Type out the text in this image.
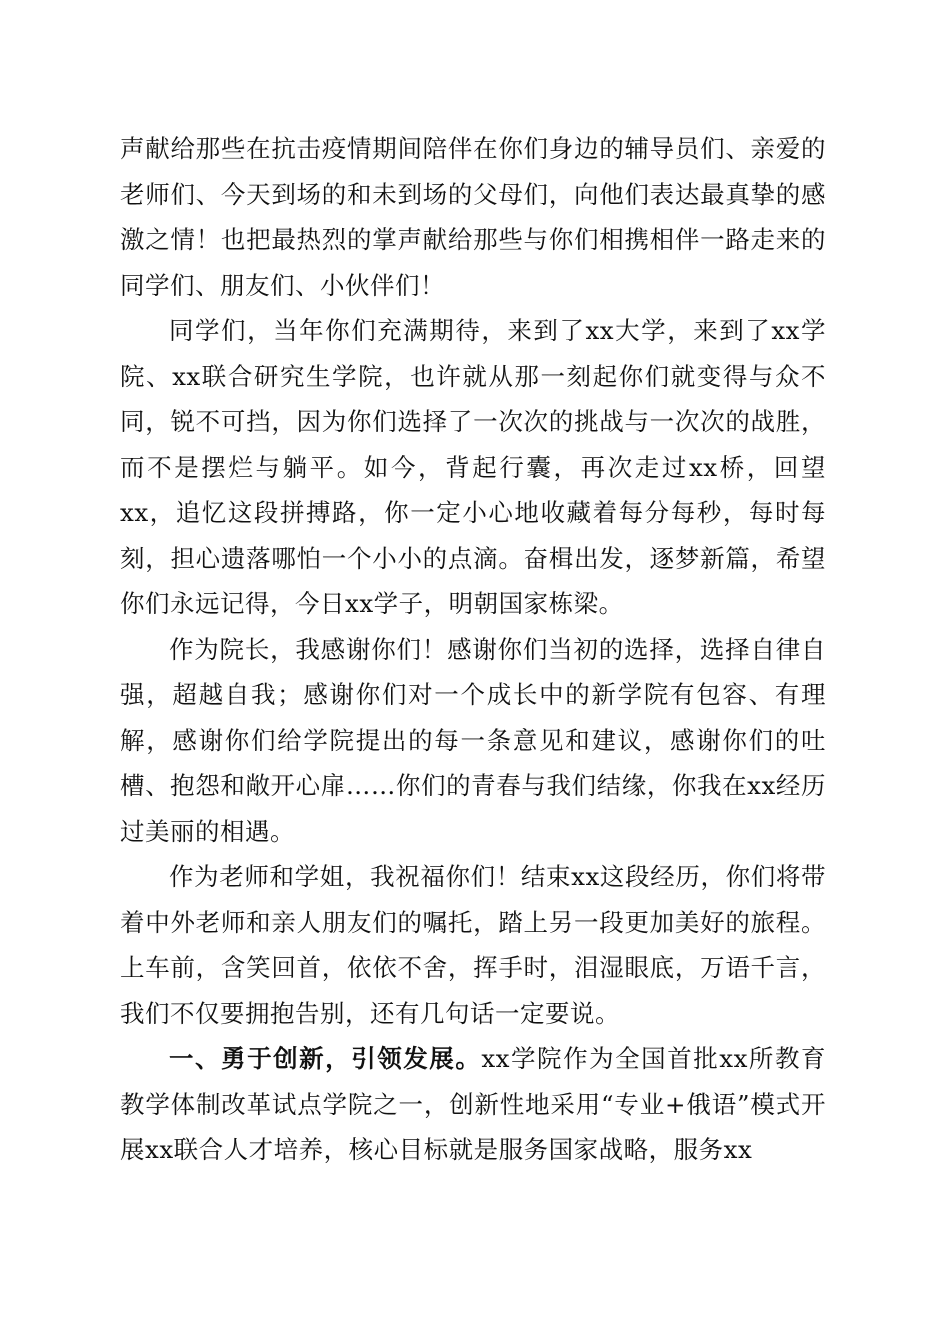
声献给那些在抗击疫情期间陪伴在你们身边的辅导员们、亲爱的老师们、今天到场的和未到场的父母们，向他们表达最真挚的感激之情！也把最热烈的掌声献给那些与你们相携相伴一路走来的同学们、朋友们、小伙伴们！

同学们，当年你们充满期待，来到了xx大学，来到了xx学院、xx联合研究生学院，也许就从那一刻起你们就变得与众不同，锐不可挡，因为你们选择了一次次的挑战与一次次的战胜，而不是摆烂与躺平。如今，背起行囊，再次走过xx桥，回望xx，追忆这段拼搏路，你一定小心地收藏着每分每秒，每时每刻，担心遗落哪怕一个小小的点滴。奋楫出发，逐梦新篇，希望你们永远记得，今日xx学子，明朝国家栋梁。

作为院长，我感谢你们！感谢你们当初的选择，选择自律自强，超越自我；感谢你们对一个成长中的新学院有包容、有理解，感谢你们给学院提出的每一条意见和建议，感谢你们的吐槽、抱怨和敞开心扉……你们的青春与我们结缘，你我在xx经历过美丽的相遇。

作为老师和学姐，我祝福你们！结束xx这段经历，你们将带着中外老师和亲人朋友们的嘱托，踏上另一段更加美好的旅程。上车前，含笑回首，依依不舍，挥手时，泪湿眼底，万语千言，我们不仅要拥抱告别，还有几句话一定要说。

一、勇于创新，引领发展。xx学院作为全国首批xx所教育教学体制改革试点学院之一，创新性地采用“专业+俄语”模式开展xx联合人才培养，核心目标就是服务国家战略，服务xx
